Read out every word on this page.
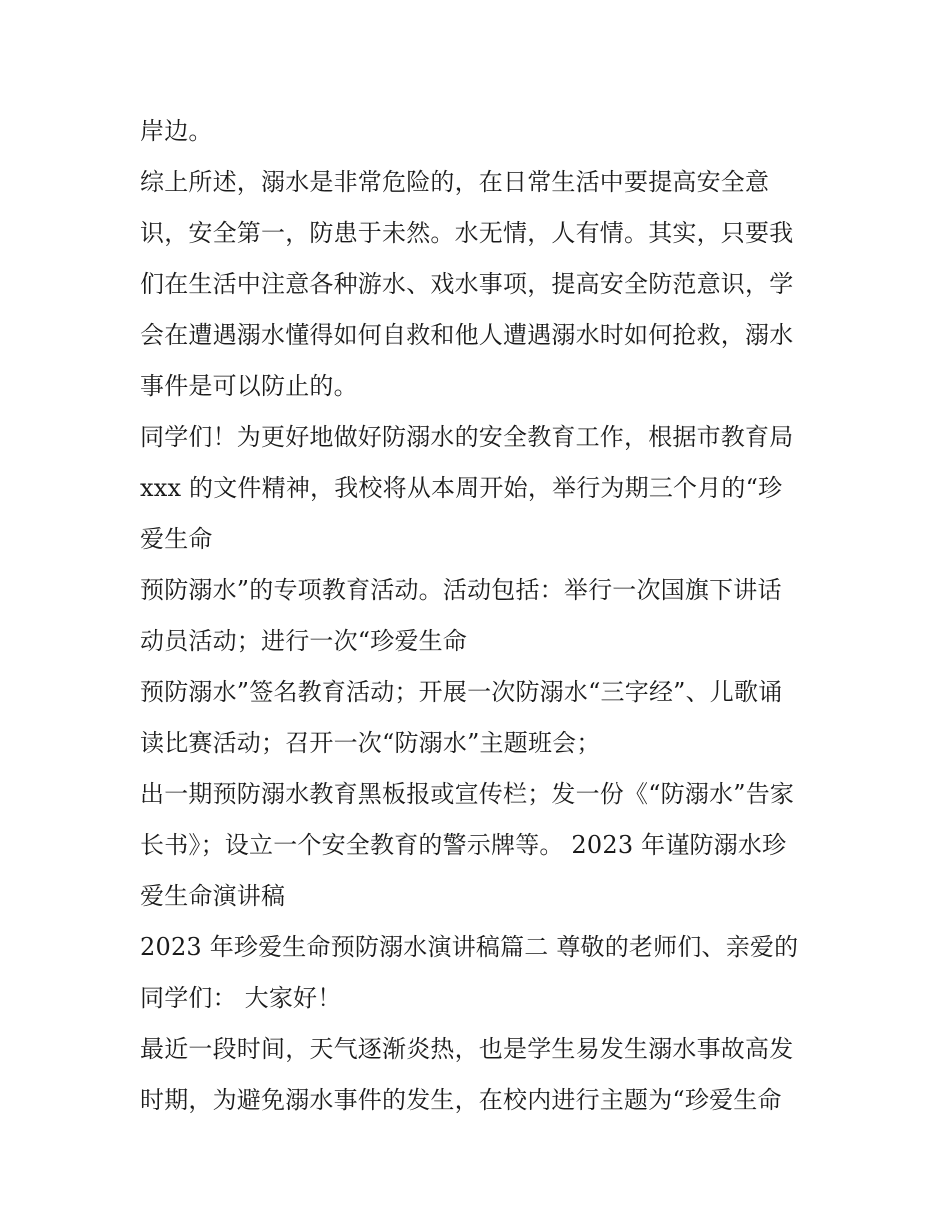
岸边。
综上所述，溺水是非常危险的，在日常生活中要提高安全意
识，安全第一，防患于未然。水无情，人有情。其实，只要我
们在生活中注意各种游水、戏水事项，提高安全防范意识，学
会在遭遇溺水懂得如何自救和他人遭遇溺水时如何抢救，溺水
事件是可以防止的。
同学们！为更好地做好防溺水的安全教育工作，根据市教育局
xxx 的文件精神，我校将从本周开始，举行为期三个月的“珍
爱生命
预防溺水”的专项教育活动。活动包括：举行一次国旗下讲话
动员活动；进行一次“珍爱生命
预防溺水”签名教育活动；开展一次防溺水“三字经”、儿歌诵
读比赛活动；召开一次“防溺水”主题班会；
出一期预防溺水教育黑板报或宣传栏；发一份《“防溺水”告家
长书》；设立一个安全教育的警示牌等。 2023 年谨防溺水珍
爱生命演讲稿
2023 年珍爱生命预防溺水演讲稿篇二 尊敬的老师们、亲爱的
同学们： 大家好！
最近一段时间，天气逐渐炎热，也是学生易发生溺水事故高发
时期，为避免溺水事件的发生，在校内进行主题为“珍爱生命
